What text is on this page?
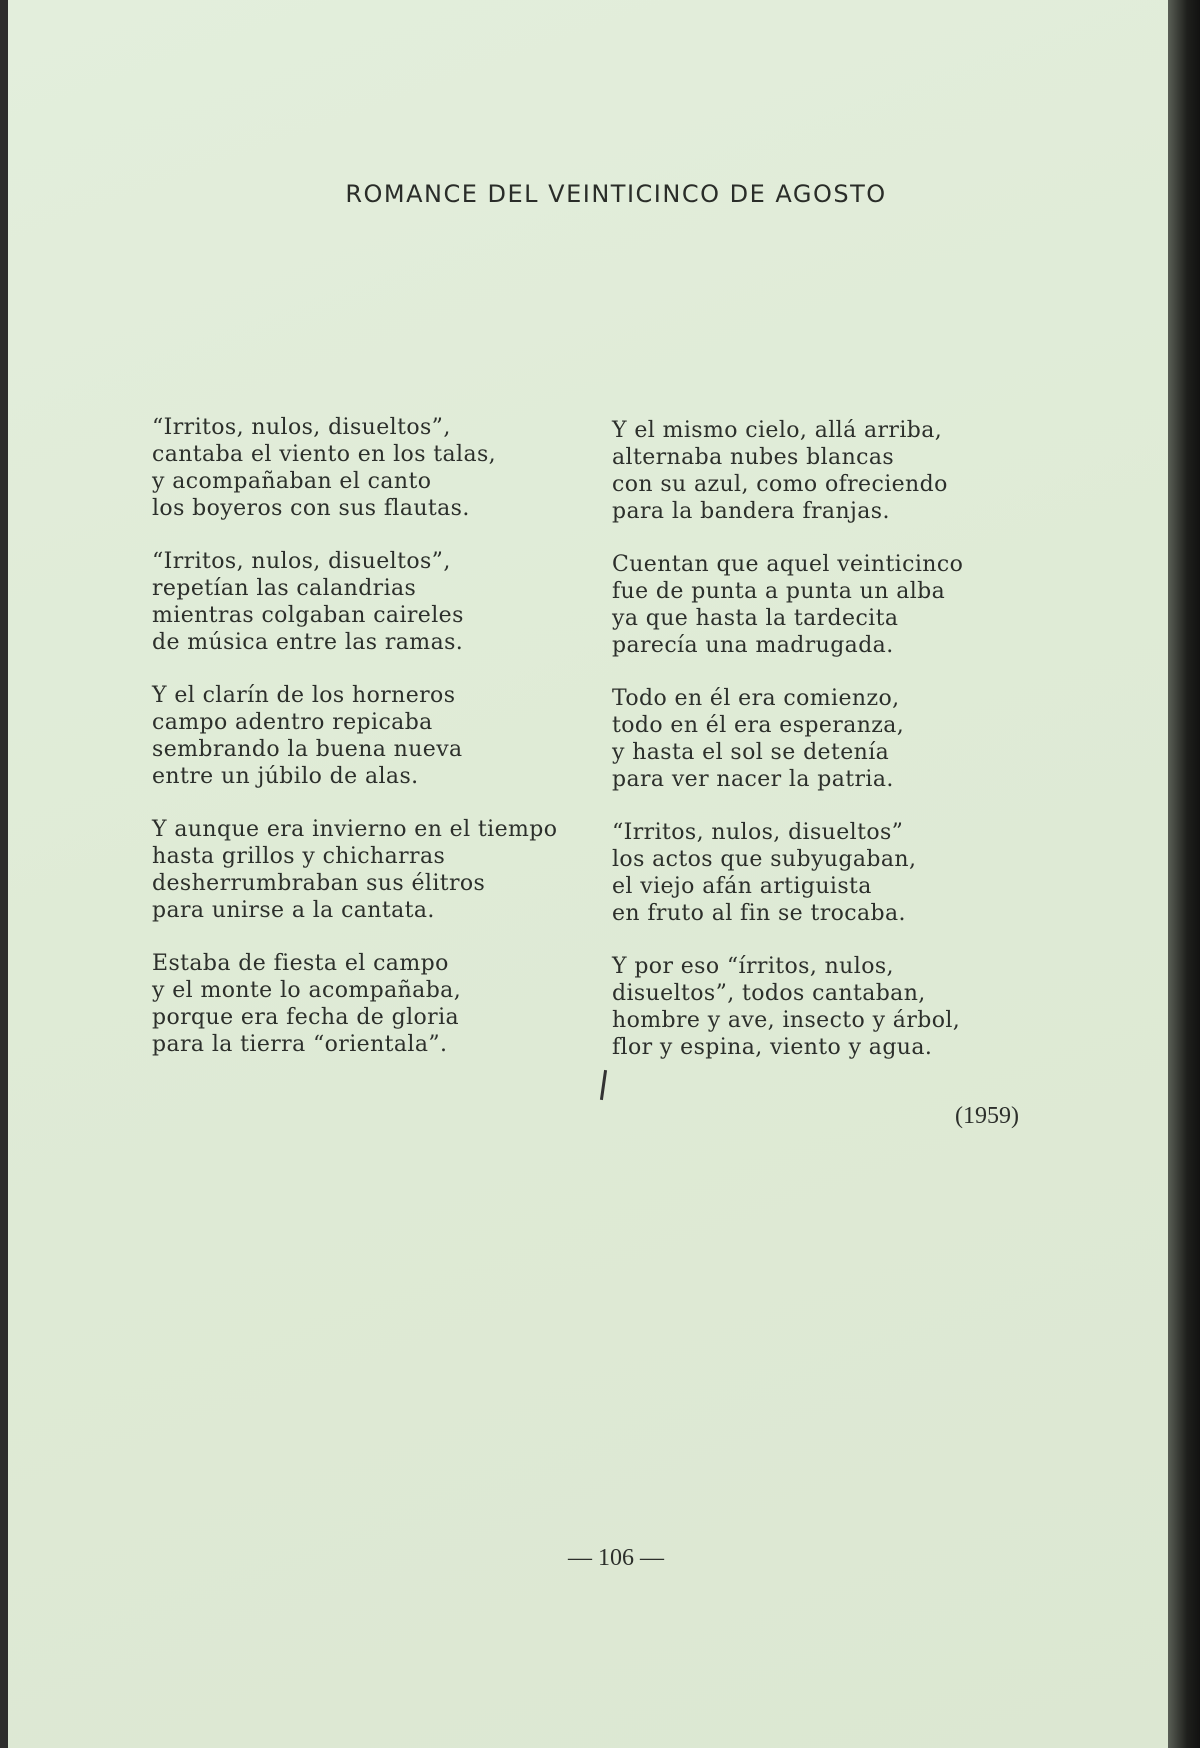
ROMANCE DEL VEINTICINCO DE AGOSTO
“Irritos, nulos, disueltos”,
cantaba el viento en los talas,
y acompañaban el canto
los boyeros con sus flautas.
“Irritos, nulos, disueltos”,
repetían las calandrias
mientras colgaban caireles
de música entre las ramas.
Y el clarín de los horneros
campo adentro repicaba
sembrando la buena nueva
entre un júbilo de alas.
Y aunque era invierno en el tiempo
hasta grillos y chicharras
desherrumbraban sus élitros
para unirse a la cantata.
Estaba de fiesta el campo
y el monte lo acompañaba,
porque era fecha de gloria
para la tierra “orientala”.
Y el mismo cielo, allá arriba,
alternaba nubes blancas
con su azul, como ofreciendo
para la bandera franjas.
Cuentan que aquel veinticinco
fue de punta a punta un alba
ya que hasta la tardecita
parecía una madrugada.
Todo en él era comienzo,
todo en él era esperanza,
y hasta el sol se detenía
para ver nacer la patria.
“Irritos, nulos, disueltos”
los actos que subyugaban,
el viejo afán artiguista
en fruto al fin se trocaba.
Y por eso “írritos, nulos,
disueltos”, todos cantaban,
hombre y ave, insecto y árbol,
flor y espina, viento y agua.
(1959)
— 106 —
